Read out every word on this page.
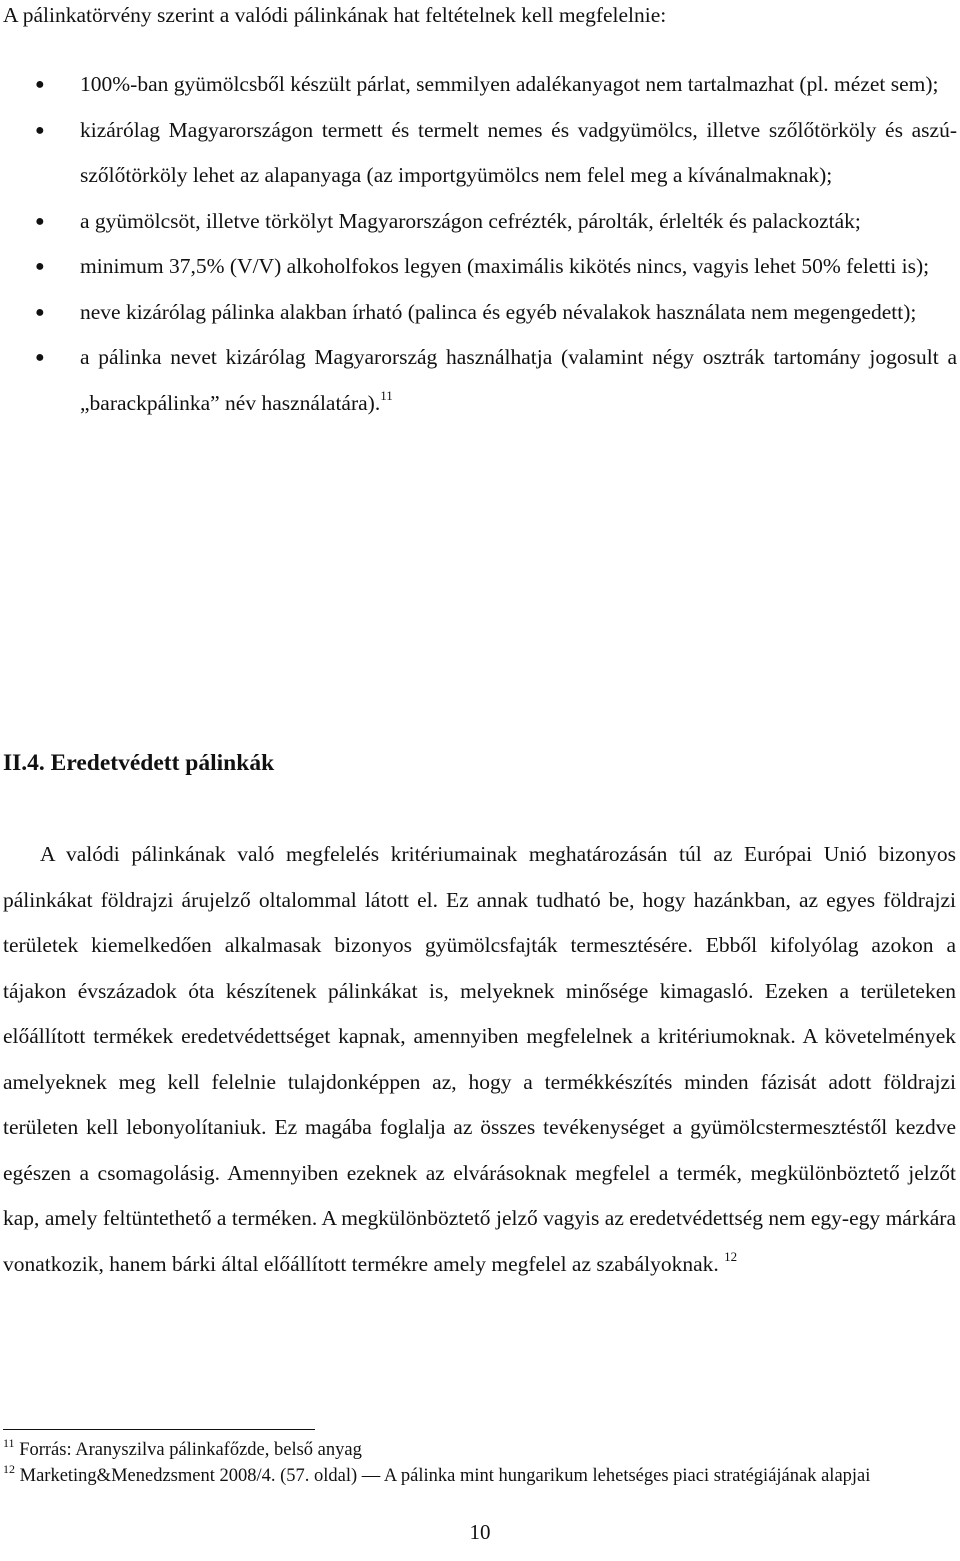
A pálinkatörvény szerint a valódi pálinkának hat feltételnek kell megfelelnie:

● 100%-ban gyümölcsből készült párlat, semmilyen adalékanyagot nem tartalmazhat (pl. mézet sem);
● kizárólag Magyarországon termett és termelt nemes és vadgyümölcs, illetve szőlőtörköly és aszú-szőlőtörköly lehet az alapanyaga (az importgyümölcs nem felel meg a kívánalmaknak);
● a gyümölcsöt, illetve törkölyt Magyarországon cefrézték, párolták, érlelték és palackozták;
● minimum 37,5% (V/V) alkoholfokos legyen (maximális kikötés nincs, vagyis lehet 50% feletti is);
● neve kizárólag pálinka alakban írható (palinca és egyéb névalakok használata nem megengedett);
● a pálinka nevet kizárólag Magyarország használhatja (valamint négy osztrák tartomány jogosult a „barackpálinka” név használatára).$^{11}$
II.4. Eredetvédett pálinkák

A valódi pálinkának való megfelelés kritériumainak meghatározásán túl az Európai Unió bizonyos pálinkákat földrajzi árujelző oltalommal látott el. Ez annak tudható be, hogy hazánkban, az egyes földrajzi területek kiemelkedően alkalmasak bizonyos gyümölcsfajták termesztésére. Ebből kifolyólag azokon a tájakon évszázadok óta készítenek pálinkákat is, melyeknek minősége kimagasló. Ezeken a területeken előállított termékek eredetvédettséget kapnak, amennyiben megfelelnek a kritériumoknak. A követelmények amelyeknek meg kell felelnie tulajdonképpen az, hogy a termékkészítés minden fázisát adott földrajzi területen kell lebonyolítaniuk. Ez magába foglalja az összes tevékenységet a gyümölcstermesztéstől kezdve egészen a csomagolásig. Amennyiben ezeknek az elvárásoknak megfelel a termék, megkülönböztető jelzőt kap, amely feltüntethető a terméken. A megkülönböztető jelző vagyis az eredetvédettség nem egy-egy márkára vonatkozik, hanem bárki által előállított termékre amely megfelel az szabályoknak. $^{12}$

$^{11}$ Forrás: Aranyszilva pálinkafőzde, belső anyag

$^{12}$ Marketing&Menedzsment 2008/4. (57. oldal) ― A pálinka mint hungarikum lehetséges piaci stratégiájának alapjai

10
